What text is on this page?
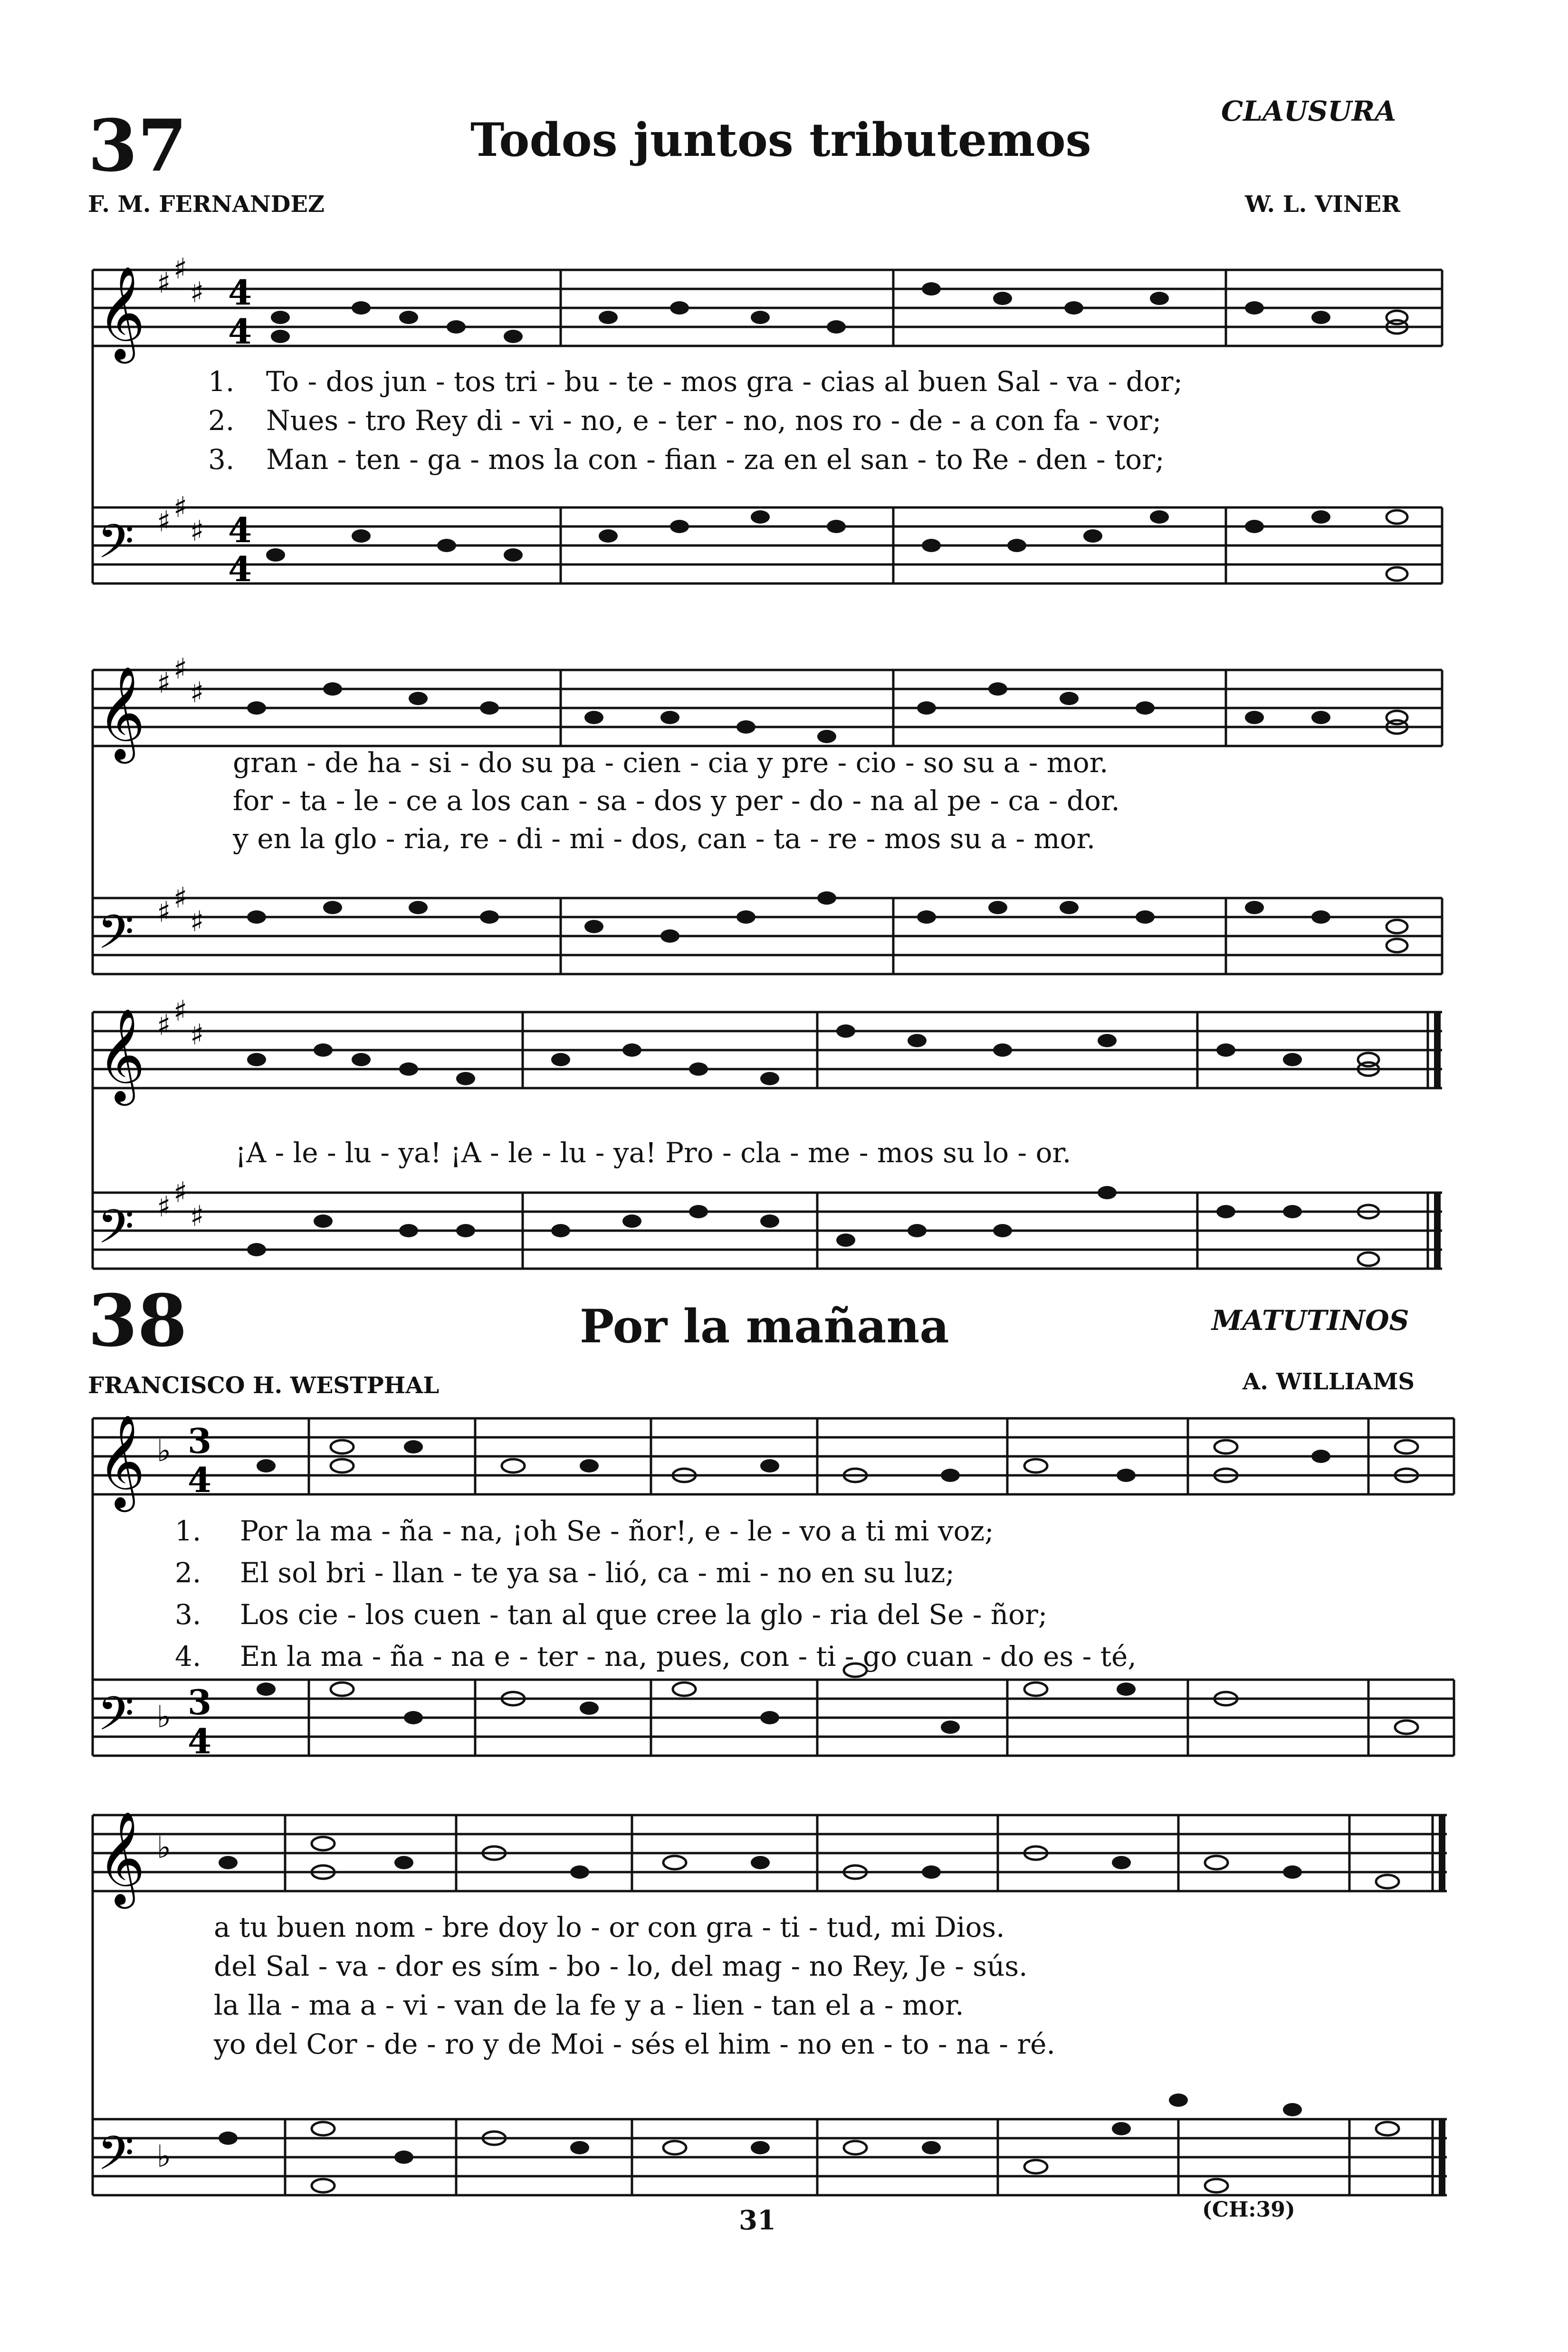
37	Todos juntos tributemos
CLAUSURA
F. M. FERNANDEZ	W. L. VINER
𝄞
𝄢
♯ ♯
♯
♯ ♯
♯
4
4
4
4
1.
2.
3.
To - dos jun - tos tri - bu - te - mos gra - cias al buen Sal - va - dor;
Nues - tro Rey di - vi - no, e - ter - no, nos ro - de - a con fa - vor;
Man - ten - ga - mos la con - fian - za en el san - to Re - den - tor;
𝄞
𝄢
♯ ♯
♯
♯ ♯
♯
gran - de ha - si - do su pa - cien - cia y pre - cio - so su a - mor.
for - ta - le - ce a los can - sa - dos y per - do - na al pe - ca - dor.
y en la glo - ria, re - di - mi - dos, can - ta - re - mos su a - mor.
𝄞
𝄢
♯ ♯
♯
♯ ♯
♯
¡A - le - lu - ya! ¡A - le - lu - ya! Pro - cla - me - mos su lo - or.
38	Por la mañana	MATUTINOS
FRANCISCO H. WESTPHAL	A. WILLIAMS
𝄞
𝄢
♭
♭
3
4
3
4
1.
2.
3.
4.
Por la ma - ña - na, ¡oh Se - ñor!, e - le - vo a ti mi voz;
El sol bri - llan - te ya sa - lió, ca - mi - no en su luz;
Los cie - los cuen - tan al que cree la glo - ria del Se - ñor;
En la ma - ña - na e - ter - na, pues, con - ti - go cuan - do es - té,
𝄞
𝄢
♭
♭
a tu buen nom - bre doy lo - or con gra - ti - tud, mi Dios.
del Sal - va - dor es sím - bo - lo, del mag - no Rey, Je - sús.
la lla - ma a - vi - van de la fe y a - lien - tan el a - mor.
yo del Cor - de - ro y de Moi - sés el him - no en - to - na - ré.
31	(CH:39)
